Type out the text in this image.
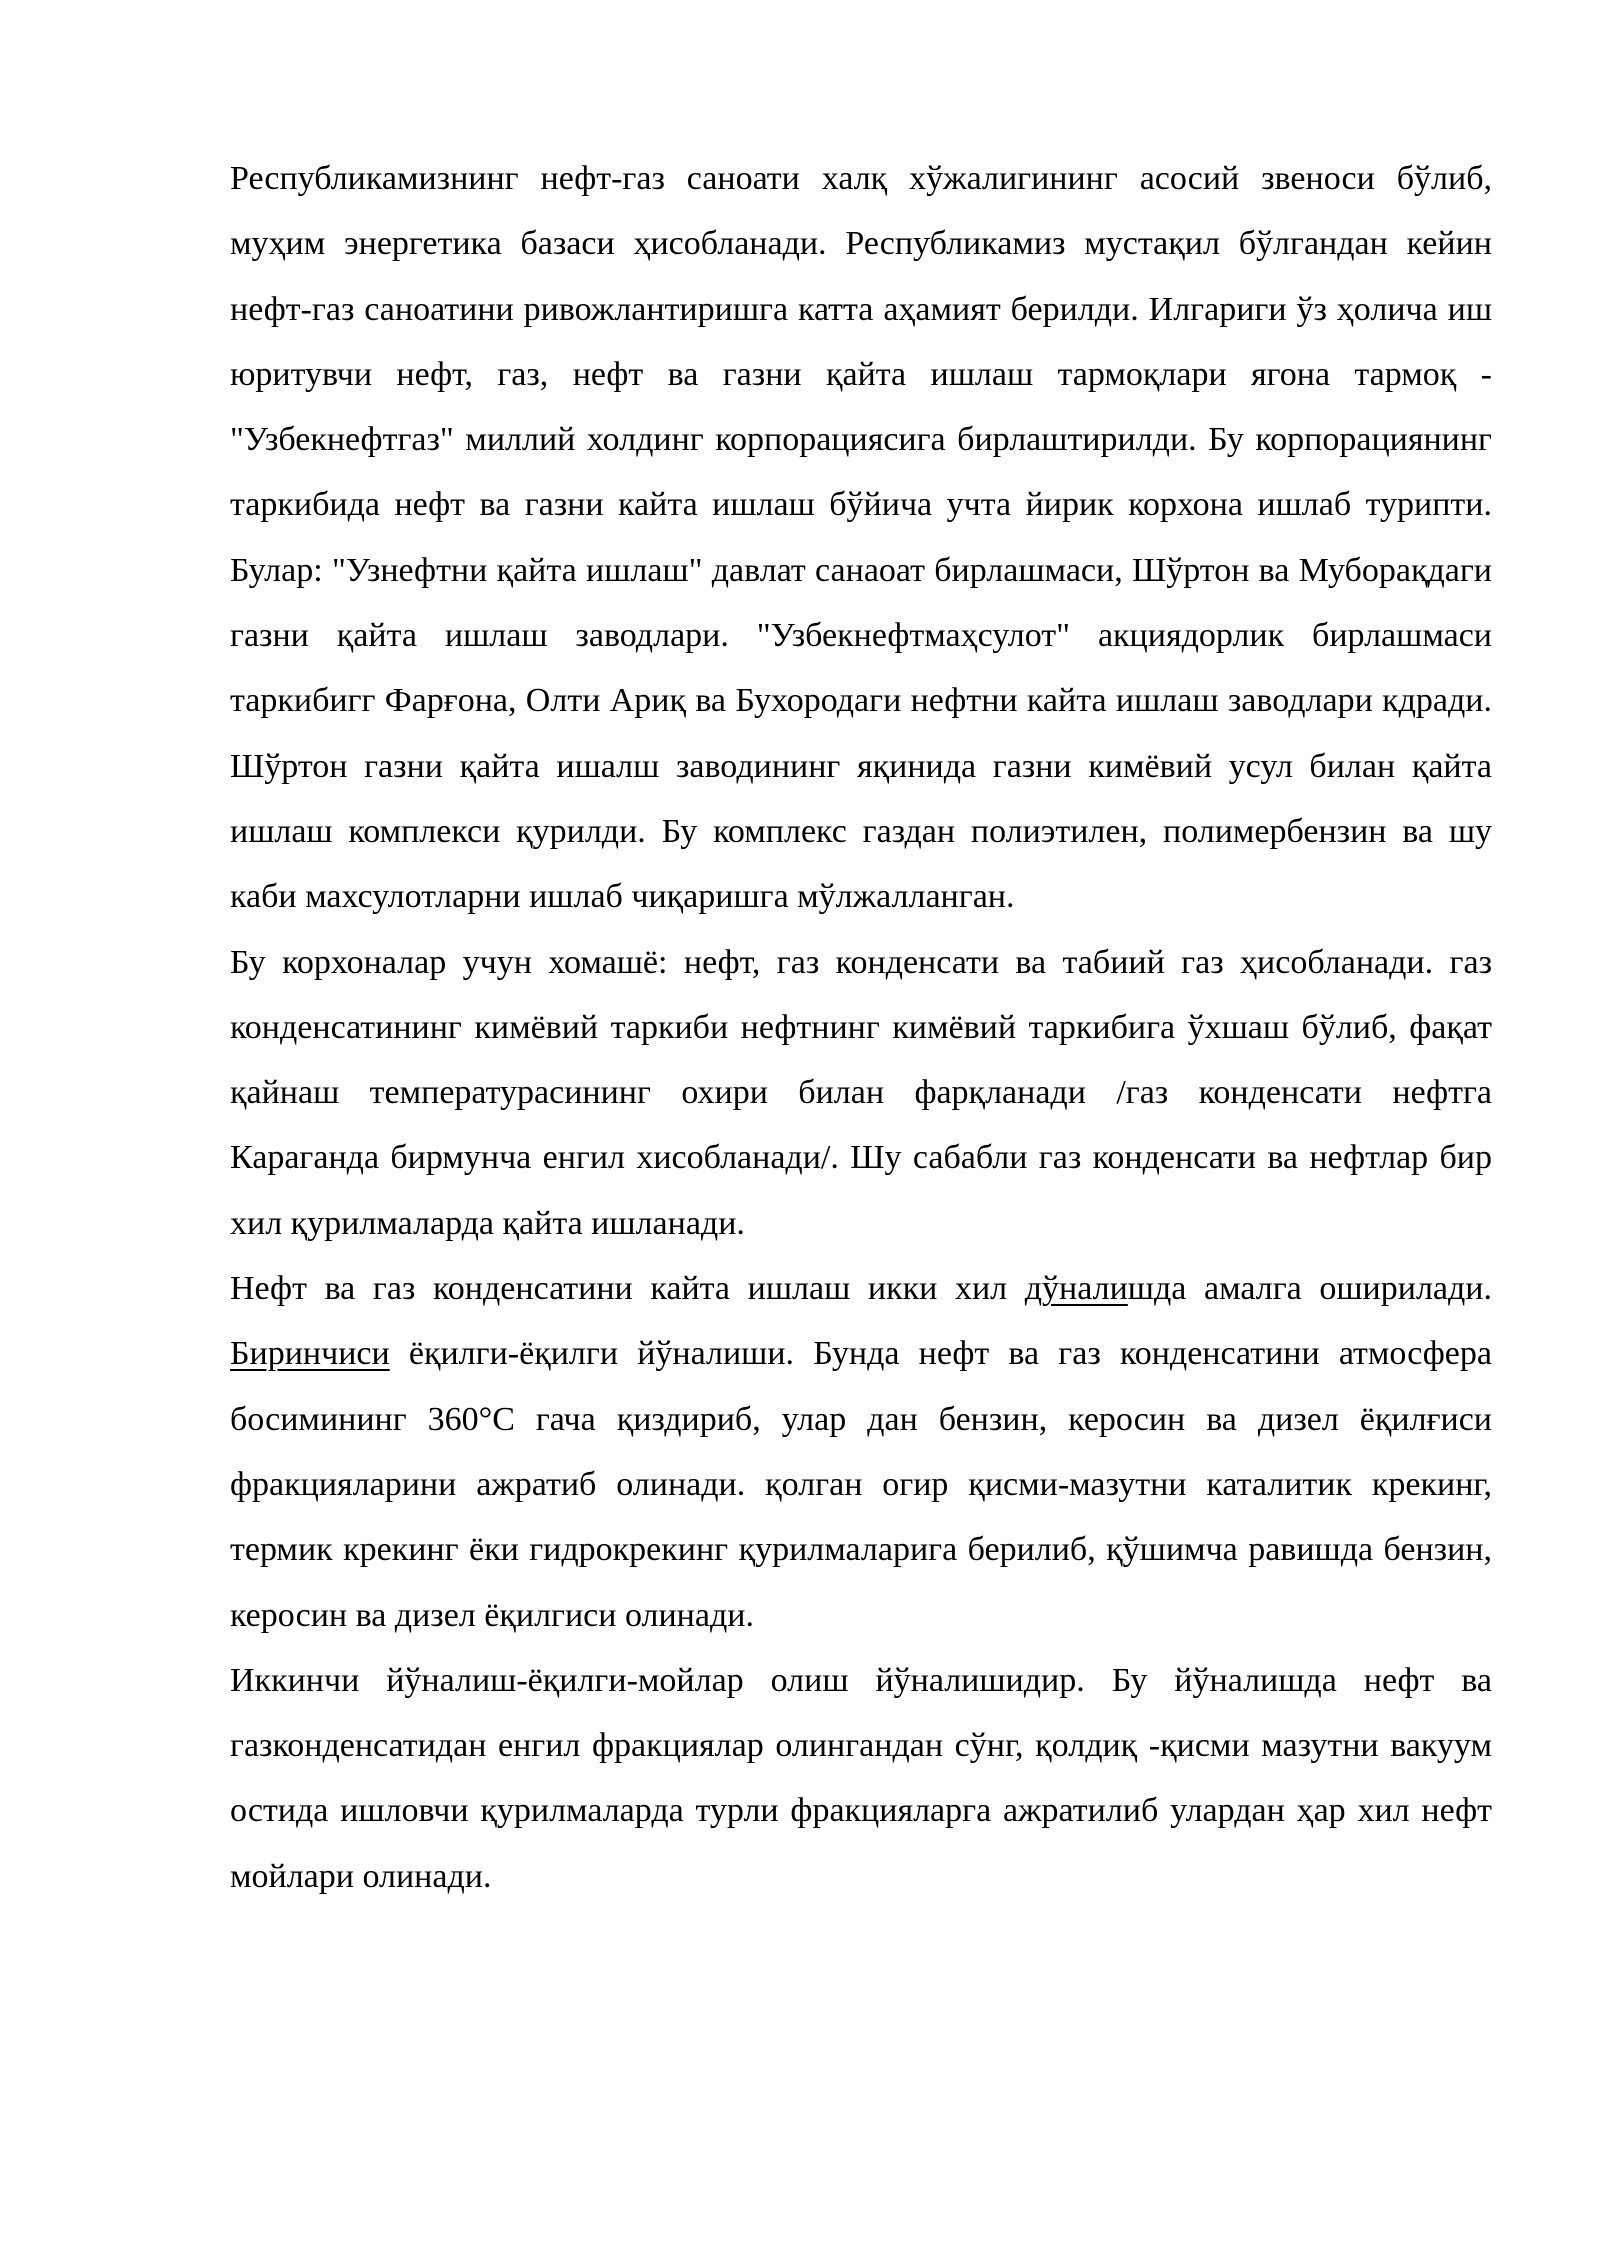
Республикамизнинг нефт-газ саноати халқ хўжалигининг асосий звеноси бўлиб, муҳим энергетика базаси ҳисобланади. Республикамиз мустақил бўлгандан кейин нефт-газ саноатини ривожлантиришга катта аҳамият берилди. Илгариги ўз ҳолича иш юритувчи нефт, газ, нефт ва газни қайта ишлаш тармоқлари ягона тармоқ - "Узбекнефтгаз" миллий холдинг корпорациясига бирлаштирилди. Бу корпорациянинг таркибида нефт ва газни кайта ишлаш бўйича учта йирик корхона ишлаб турипти. Булар: "Узнефтни қайта ишлаш" давлат санаоат бирлашмаси, Шўртон ва Муборақдаги газни қайта ишлаш заводлари. "Узбекнефтмаҳсулот" акциядорлик бирлашмаси таркибигг Фарғона, Олти Ариқ ва Бухородаги нефтни кайта ишлаш заводлари кдради. Шўртон газни қайта ишалш заводининг яқинида газни кимёвий усул билан қайта ишлаш комплекси қурилди. Бу комплекс газдан полиэтилен, полимербензин ва шу каби махсулотларни ишлаб чиқаришга мўлжалланган.

Бу корхоналар учун хомашё: нефт, газ конденсати ва табиий газ ҳисобланади. газ конденсатининг кимёвий таркиби нефтнинг кимёвий таркибига ўхшаш бўлиб, фақат қайнаш температурасининг охири билан фарқланади /газ конденсати нефтга Караганда бирмунча енгил хисобланади/. Шу сабабли газ конденсати ва нефтлар бир хил қурилмаларда қайта ишланади.

Нефт ва газ конденсатини кайта ишлаш икки хил дўналишда амалга оширилади. Биринчиси ёқилги-ёқилги йўналиши. Бунда нефт ва газ конденсатини атмосфера босимининг 360°С гача қиздириб, улар дан бензин, керосин ва дизел ёқилғиси фракцияларини ажратиб олинади. қолган огир қисми-мазутни каталитик крекинг, термик крекинг ёки гидрокрекинг қурилмаларига берилиб, қўшимча равишда бензин, керосин ва дизел ёқилгиси олинади.

Иккинчи йўналиш-ёқилги-мойлар олиш йўналишидир. Бу йўналишда нефт ва газконденсатидан енгил фракциялар олингандан сўнг, қолдиқ -қисми мазутни вакуум остида ишловчи қурилмаларда турли фракцияларга ажратилиб улардан ҳар хил нефт мойлари олинади.
